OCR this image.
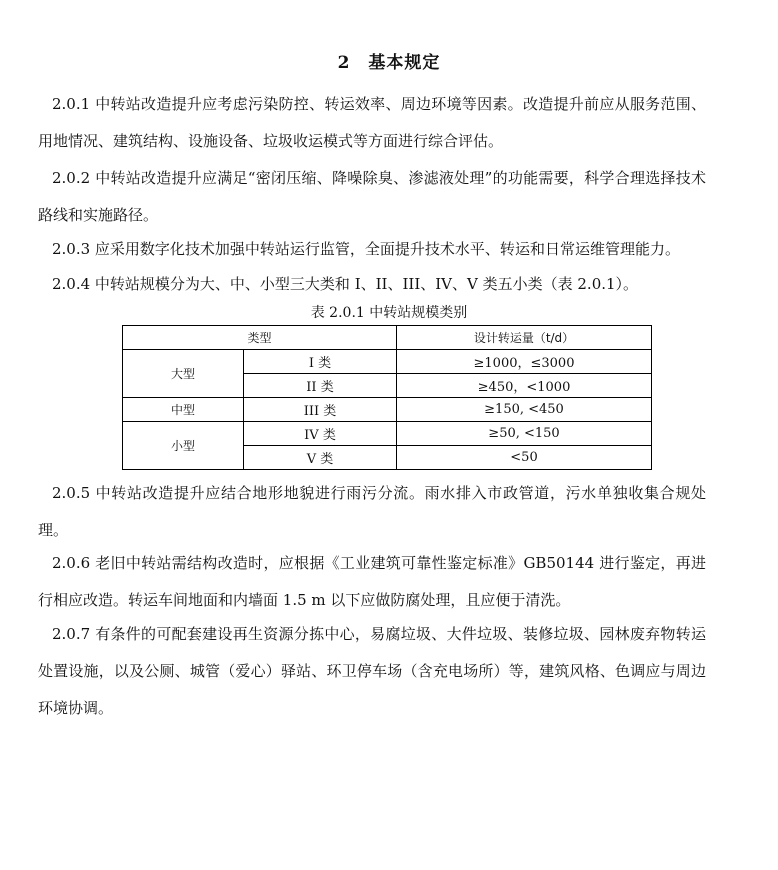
2 基本规定

2.0.1 中转站改造提升应考虑污染防控、转运效率、周边环境等因素。改造提升前应从服务范围、用地情况、建筑结构、设施设备、垃圾收运模式等方面进行综合评估。

2.0.2 中转站改造提升应满足“密闭压缩、降噪除臭、渗滤液处理”的功能需要，科学合理选择技术路线和实施路径。

2.0.3 应采用数字化技术加强中转站运行监管，全面提升技术水平、转运和日常运维管理能力。

2.0.4 中转站规模分为大、中、小型三大类和 I、II、III、IV、V 类五小类（表 2.0.1）。

表 2.0.1 中转站规模类别
类型		设计转运量（t/d）
大型	I 类	≥1000，≤3000
	II 类	≥450，<1000
中型	III 类	≥150, <450
小型	IV 类	≥50, <150
	V 类	<50

2.0.5 中转站改造提升应结合地形地貌进行雨污分流。雨水排入市政管道，污水单独收集合规处理。

2.0.6 老旧中转站需结构改造时，应根据《工业建筑可靠性鉴定标准》GB50144 进行鉴定，再进行相应改造。转运车间地面和内墙面 1.5 m 以下应做防腐处理，且应便于清洗。

2.0.7 有条件的可配套建设再生资源分拣中心，易腐垃圾、大件垃圾、装修垃圾、园林废弃物转运处置设施，以及公厕、城管（爱心）驿站、环卫停车场（含充电场所）等，建筑风格、色调应与周边环境协调。
